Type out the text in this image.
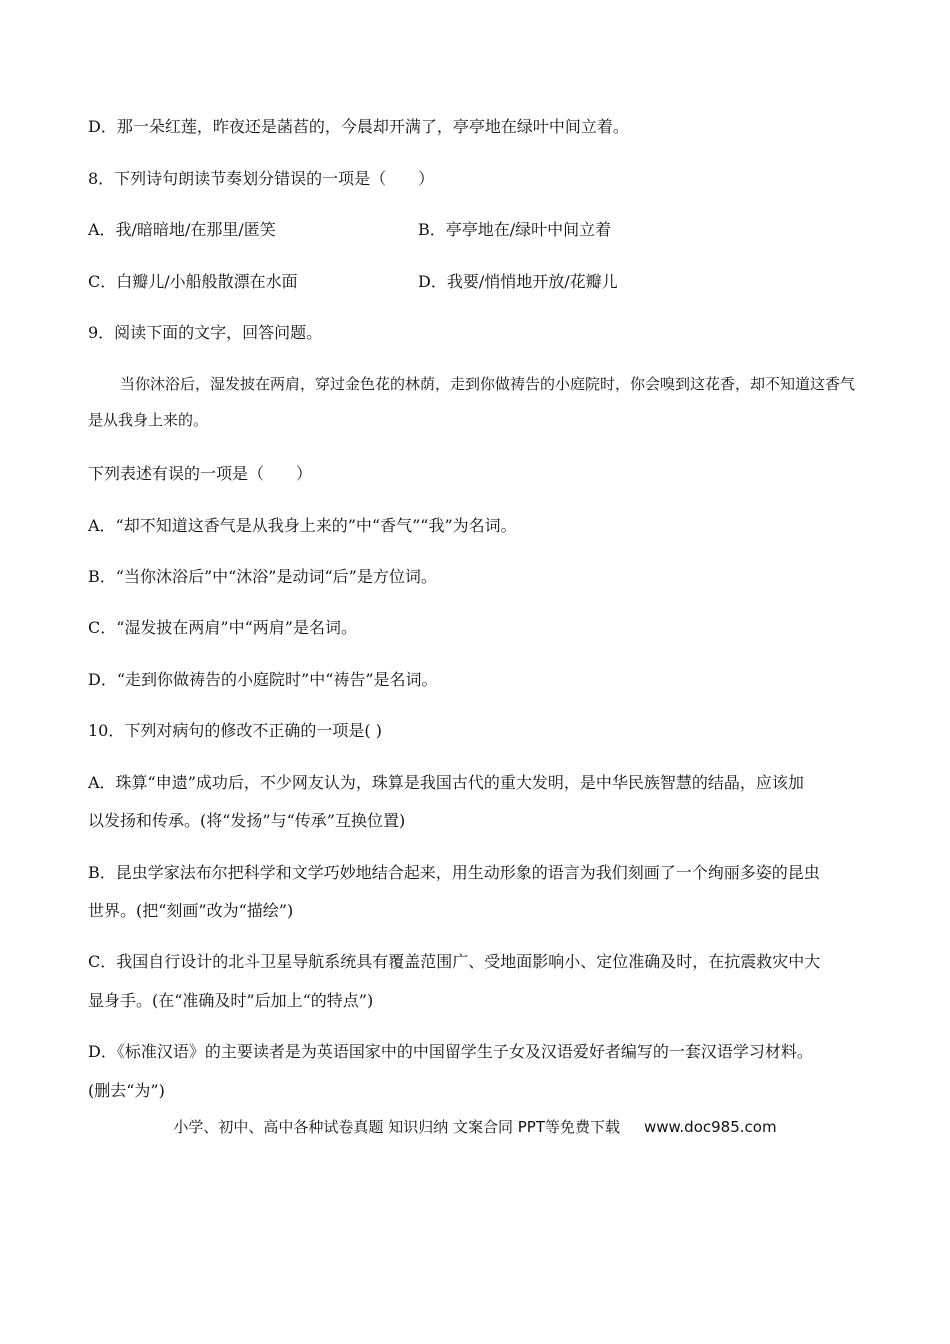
D．那一朵红莲，昨夜还是菡萏的，今晨却开满了，亭亭地在绿叶中间立着。
8．下列诗句朗读节奏划分错误的一项是（　　）
A．我/暗暗地/在那里/匿笑	B．亭亭地在/绿叶中间立着
C．白瓣儿/小船般散漂在水面	D．我要/悄悄地开放/花瓣儿
9．阅读下面的文字，回答问题。
当你沐浴后，湿发披在两肩，穿过金色花的林荫，走到你做祷告的小庭院时，你会嗅到这花香，却不知道这香气是从我身上来的。
下列表述有误的一项是（　　）
A．“却不知道这香气是从我身上来的”中“香气”“我”为名词。
B．“当你沐浴后”中“沐浴”是动词“后”是方位词。
C．“湿发披在两肩”中“两肩”是名词。
D．“走到你做祷告的小庭院时”中“祷告”是名词。
10．下列对病句的修改不正确的一项是( )
A．珠算“申遗”成功后，不少网友认为，珠算是我国古代的重大发明，是中华民族智慧的结晶，应该加
以发扬和传承。(将“发扬”与“传承”互换位置)
B．昆虫学家法布尔把科学和文学巧妙地结合起来，用生动形象的语言为我们刻画了一个绚丽多姿的昆虫
世界。(把“刻画”改为“描绘”)
C．我国自行设计的北斗卫星导航系统具有覆盖范围广、受地面影响小、定位准确及时，在抗震救灾中大
显身手。(在“准确及时”后加上“的特点”)
D．《标准汉语》的主要读者是为英语国家中的中国留学生子女及汉语爱好者编写的一套汉语学习材料。
(删去“为”)
小学、初中、高中各种试卷真题 知识归纳 文案合同 PPT等免费下载 www.doc985.com
